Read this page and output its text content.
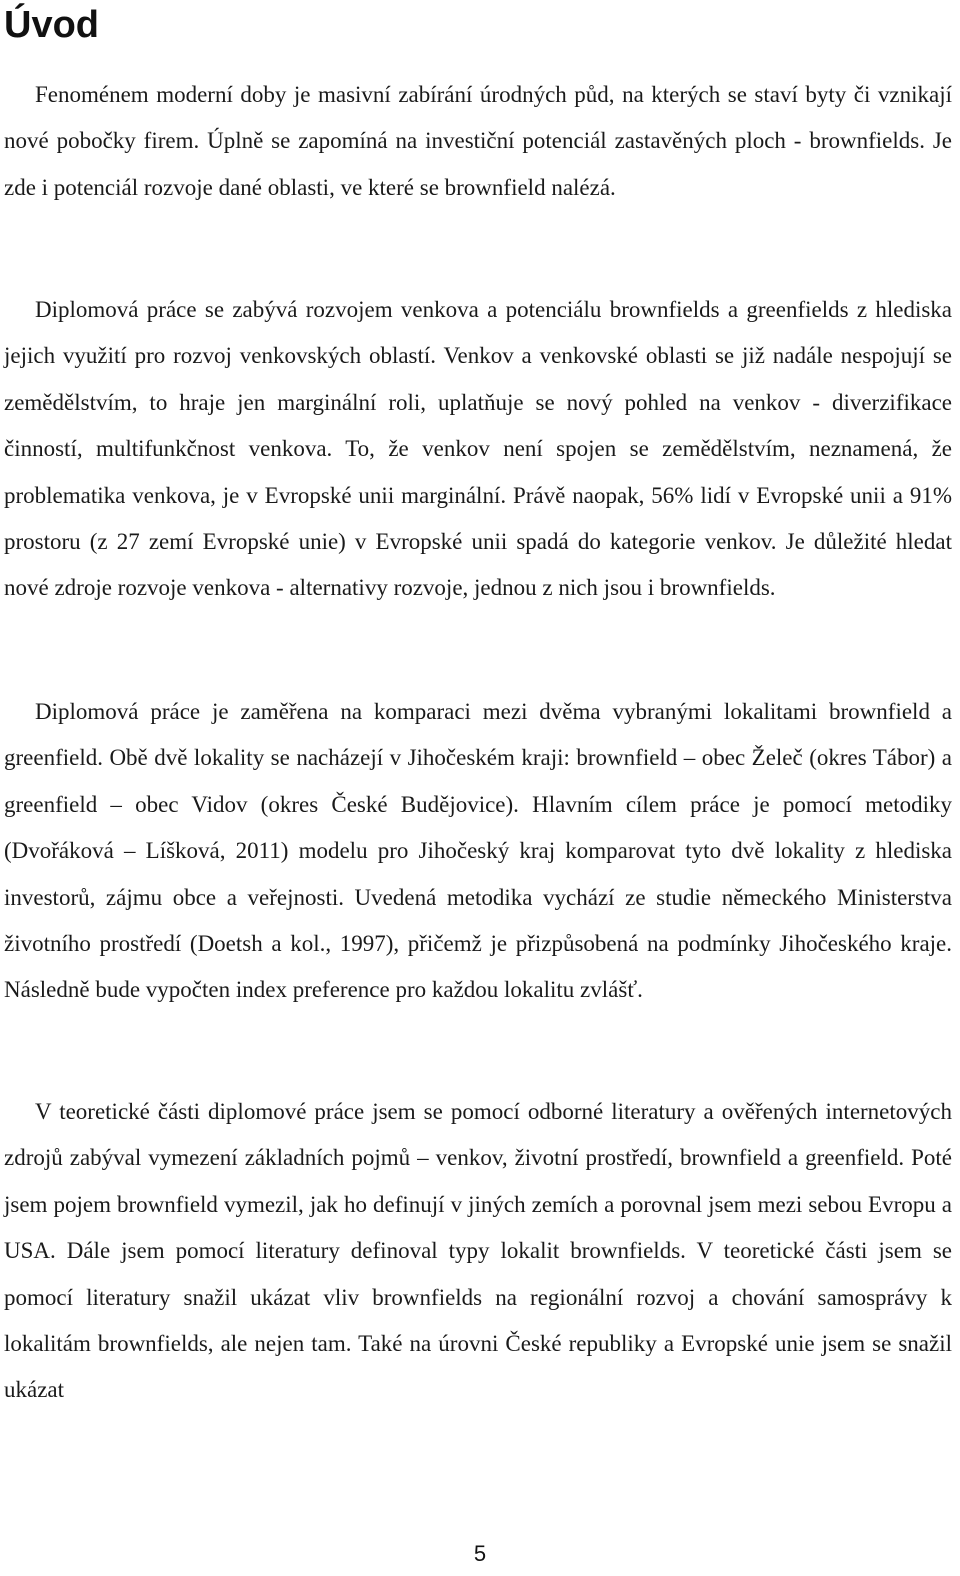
Úvod

Fenoménem moderní doby je masivní zabírání úrodných půd, na kterých se staví byty či vznikají nové pobočky firem. Úplně se zapomíná na investiční potenciál zastavěných ploch - brownfields. Je zde i potenciál rozvoje dané oblasti, ve které se brownfield nalézá.

Diplomová práce se zabývá rozvojem venkova a potenciálu brownfields a greenfields z hlediska jejich využití pro rozvoj venkovských oblastí. Venkov a venkovské oblasti se již nadále nespojují se zemědělstvím, to hraje jen marginální roli, uplatňuje se nový pohled na venkov - diverzifikace činností, multifunkčnost venkova. To, že venkov není spojen se zemědělstvím, neznamená, že problematika venkova, je v Evropské unii marginální. Právě naopak, 56% lidí v Evropské unii a 91% prostoru (z 27 zemí Evropské unie) v Evropské unii spadá do kategorie venkov. Je důležité hledat nové zdroje rozvoje venkova - alternativy rozvoje, jednou z nich jsou i brownfields.

Diplomová práce je zaměřena na komparaci mezi dvěma vybranými lokalitami brownfield a greenfield. Obě dvě lokality se nacházejí v Jihočeském kraji: brownfield – obec Želeč (okres Tábor) a greenfield – obec Vidov (okres České Budějovice). Hlavním cílem práce je pomocí metodiky (Dvořáková – Líšková, 2011) modelu pro Jihočeský kraj komparovat tyto dvě lokality z hlediska investorů, zájmu obce a veřejnosti. Uvedená metodika vychází ze studie německého Ministerstva životního prostředí (Doetsh a kol., 1997), přičemž je přizpůsobená na podmínky Jihočeského kraje. Následně bude vypočten index preference pro každou lokalitu zvlášť.

V teoretické části diplomové práce jsem se pomocí odborné literatury a ověřených internetových zdrojů zabýval vymezení základních pojmů – venkov, životní prostředí, brownfield a greenfield. Poté jsem pojem brownfield vymezil, jak ho definují v jiných zemích a porovnal jsem mezi sebou Evropu a USA. Dále jsem pomocí literatury definoval typy lokalit brownfields. V teoretické části jsem se pomocí literatury snažil ukázat vliv brownfields na regionální rozvoj a chování samosprávy k lokalitám brownfields, ale nejen tam. Také na úrovni České republiky a Evropské unie jsem se snažil ukázat

5
